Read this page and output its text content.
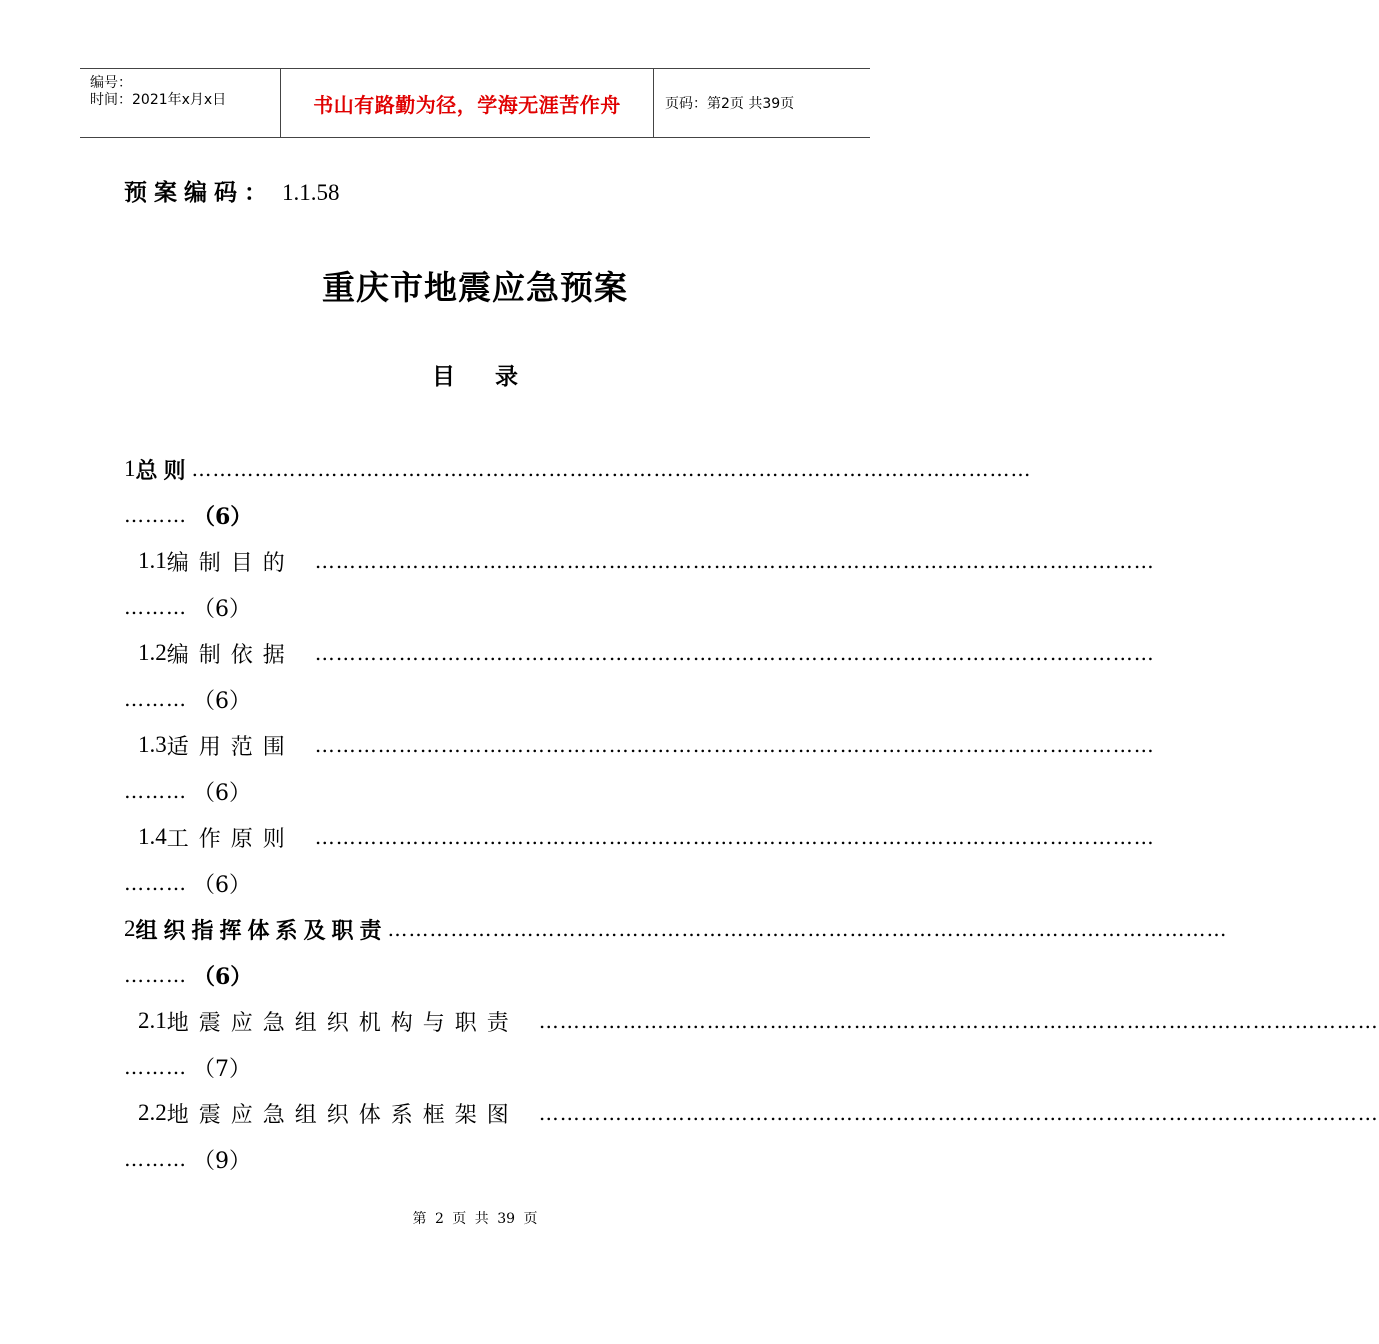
编号：
时间：2021年x月x日	书山有路勤为径，学海无涯苦作舟	页码：第2页 共39页
预案编码： 1.1.58
重庆市地震应急预案
目录
1 总则 …………………………………………………………………………………………………………
……… （6）
1.1 编制目的 …………………………………………………………………………………………………………
……… （6）
1.2 编制依据 …………………………………………………………………………………………………………
……… （6）
1.3 适用范围 …………………………………………………………………………………………………………
……… （6）
1.4 工作原则 …………………………………………………………………………………………………………
……… （6）
2 组织指挥体系及职责 …………………………………………………………………………………………………………
……… （6）
2.1 地震应急组织机构与职责 …………………………………………………………………………………………………………
……… （7）
2.2 地震应急组织体系框架图 …………………………………………………………………………………………………………
……… （9）
第 2 页 共 39 页
